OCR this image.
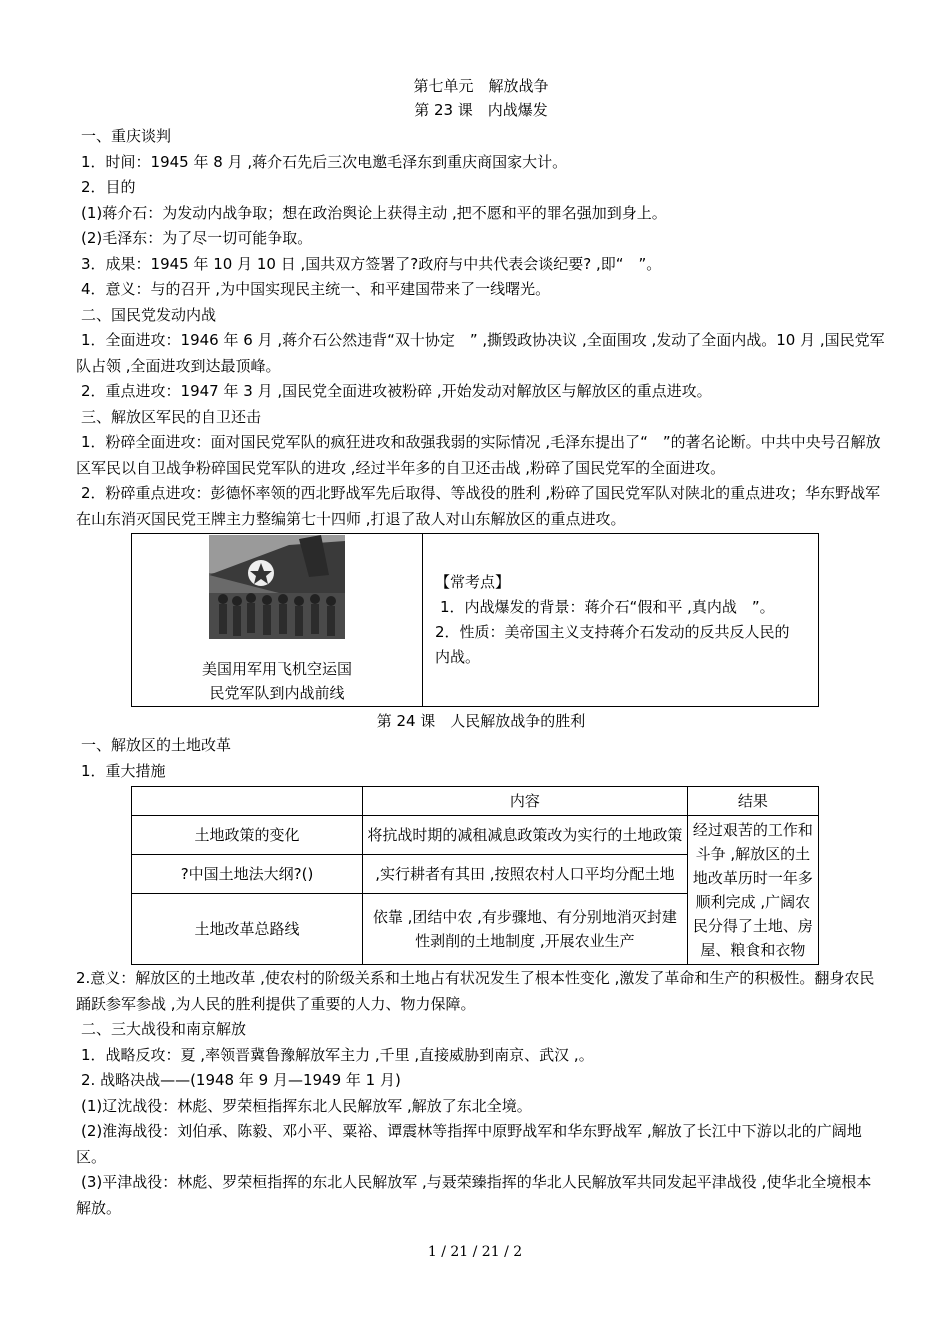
第七单元　解放战争
第 23 课　内战爆发
一、重庆谈判
1．时间：1945 年 8 月 ,蒋介石先后三次电邀毛泽东到重庆商国家大计。
2．目的
(1)蒋介石：为发动内战争取；想在政治舆论上获得主动 ,把不愿和平的罪名强加到身上。
(2)毛泽东：为了尽一切可能争取。
3．成果：1945 年 10 月 10 日 ,国共双方签署了?政府与中共代表会谈纪要? ,即“　”。
4．意义：与的召开 ,为中国实现民主统一、和平建国带来了一线曙光。
二、国民党发动内战
1．全面进攻：1946 年 6 月 ,蒋介石公然违背“双十协定　” ,撕毁政协决议 ,全面围攻 ,发动了全面内战。10 月 ,国民党军队占领 ,全面进攻到达最顶峰。
2．重点进攻：1947 年 3 月 ,国民党全面进攻被粉碎 ,开始发动对解放区与解放区的重点进攻。
三、解放区军民的自卫还击
1．粉碎全面进攻：面对国民党军队的疯狂进攻和敌强我弱的实际情况 ,毛泽东提出了“　”的著名论断。中共中央号召解放区军民以自卫战争粉碎国民党军队的进攻 ,经过半年多的自卫还击战 ,粉碎了国民党军的全面进攻。
2．粉碎重点进攻：彭德怀率领的西北野战军先后取得、等战役的胜利 ,粉碎了国民党军队对陕北的重点进攻；华东野战军在山东消灭国民党王牌主力整编第七十四师 ,打退了敌人对山东解放区的重点进攻。
美国用军用飞机空运国
民党军队到内战前线

【常考点】
1．内战爆发的背景：蒋介石“假和平 ,真内战　”。
2．性质：美帝国主义支持蒋介石发动的反共反人民的内战。
第 24 课　人民解放战争的胜利
一、解放区的土地改革
1．重大措施
	内容	结果
土地政策的变化	将抗战时期的减租减息政策改为实行的土地政策	经过艰苦的工作和斗争 ,解放区的土地改革历时一年多顺利完成 ,广阔农民分得了土地、房屋、粮食和衣物
?中国土地法大纲?()	,实行耕者有其田 ,按照农村人口平均分配土地	
土地改革总路线	依靠 ,团结中农 ,有步骤地、有分别地消灭封建性剥削的土地制度 ,开展农业生产	
2.意义：解放区的土地改革 ,使农村的阶级关系和土地占有状况发生了根本性变化 ,激发了革命和生产的积极性。翻身农民踊跃参军参战 ,为人民的胜利提供了重要的人力、物力保障。
二、三大战役和南京解放
1．战略反攻：夏 ,率领晋冀鲁豫解放军主力 ,千里 ,直接威胁到南京、武汉 ,。
2. 战略决战——(1948 年 9 月—1949 年 1 月)
(1)辽沈战役：林彪、罗荣桓指挥东北人民解放军 ,解放了东北全境。
(2)淮海战役：刘伯承、陈毅、邓小平、粟裕、谭震林等指挥中原野战军和华东野战军 ,解放了长江中下游以北的广阔地区。
(3)平津战役：林彪、罗荣桓指挥的东北人民解放军 ,与聂荣臻指挥的华北人民解放军共同发起平津战役 ,使华北全境根本解放。
1 / 21 / 21 / 2
